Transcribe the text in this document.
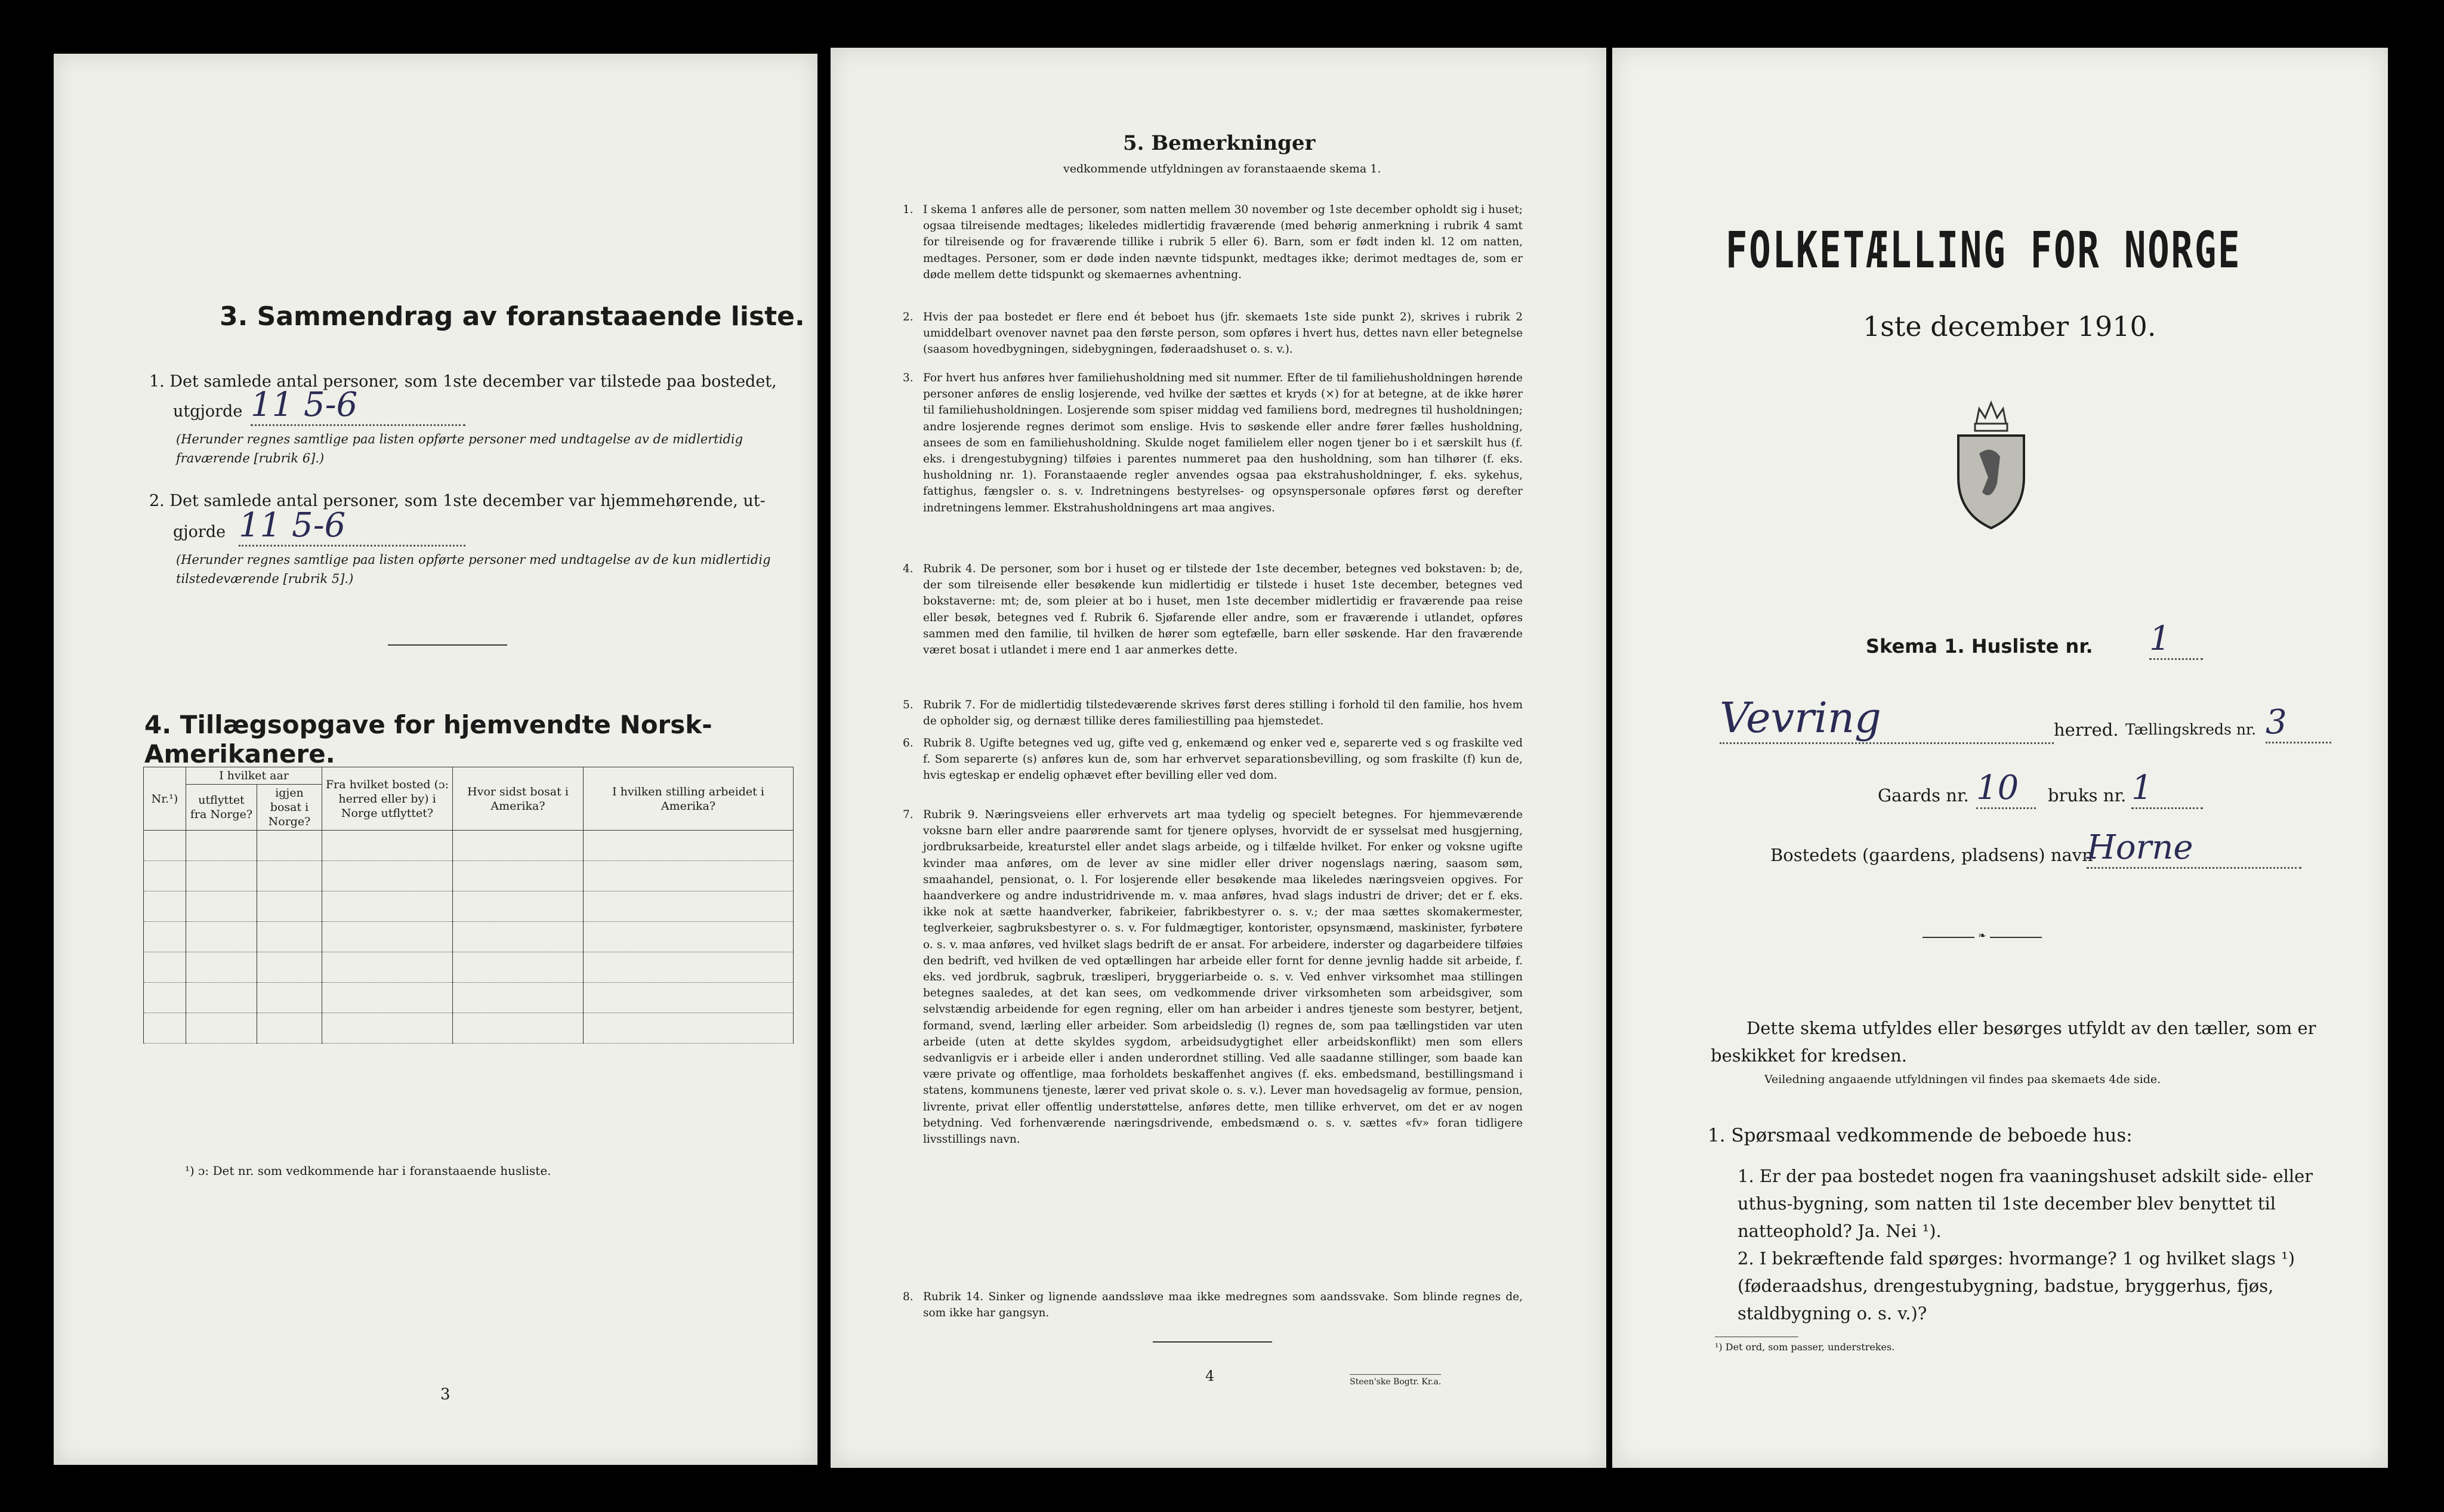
3. Sammendrag av foranstaaende liste.
1. Det samlede antal personer, som 1ste december var tilstede paa bostedet,
utgjorde 11 5-6
(Herunder regnes samtlige paa listen opførte personer med undtagelse av de midlertidig fraværende [rubrik 6].)
2. Det samlede antal personer, som 1ste december var hjemmehørende, ut-
gjorde 11 5-6
(Herunder regnes samtlige paa listen opførte personer med undtagelse av de kun midlertidig tilstedeværende [rubrik 5].)
4. Tillægsopgave for hjemvendte Norsk-Amerikanere.
Nr.¹)	I hvilket aar		Fra hvilket bosted (ɔ: herred eller by) i Norge utflyttet?	Hvor sidst bosat i Amerika?	I hvilken stilling arbeidet i Amerika?
	utflyttet fra Norge?	igjen bosat i Norge?			

¹) ɔ: Det nr. som vedkommende har i foranstaaende husliste.
3
5. Bemerkninger
vedkommende utfyldningen av foranstaaende skema 1.
1. I skema 1 anføres alle de personer, som natten mellem 30 november og 1ste december opholdt sig i huset; ogsaa tilreisende medtages; likeledes midlertidig fraværende (med behørig anmerkning i rubrik 4 samt for tilreisende og for fraværende tillike i rubrik 5 eller 6). Barn, som er født inden kl. 12 om natten, medtages. Personer, som er døde inden nævnte tidspunkt, medtages ikke; derimot medtages de, som er døde mellem dette tidspunkt og skemaernes avhentning.
2. Hvis der paa bostedet er flere end ét beboet hus (jfr. skemaets 1ste side punkt 2), skrives i rubrik 2 umiddelbart ovenover navnet paa den første person, som opføres i hvert hus, dettes navn eller betegnelse (saasom hovedbygningen, sidebygningen, føderaadshuset o. s. v.).
3. For hvert hus anføres hver familiehusholdning med sit nummer. Efter de til familiehusholdningen hørende personer anføres de enslig losjerende, ved hvilke der sættes et kryds (×) for at betegne, at de ikke hører til familiehusholdningen. Losjerende som spiser middag ved familiens bord, medregnes til husholdningen; andre losjerende regnes derimot som enslige. Hvis to søskende eller andre fører fælles husholdning, ansees de som en familiehusholdning. Skulde noget familielem eller nogen tjener bo i et særskilt hus (f. eks. i drengestubygning) tilføies i parentes nummeret paa den husholdning, som han tilhører (f. eks. husholdning nr. 1). Foranstaaende regler anvendes ogsaa paa ekstrahusholdninger, f. eks. sykehus, fattighus, fængsler o. s. v. Indretningens bestyrelses- og opsynspersonale opføres først og derefter indretningens lemmer. Ekstrahusholdningens art maa angives.
4. Rubrik 4. De personer, som bor i huset og er tilstede der 1ste december, betegnes ved bokstaven: b; de, der som tilreisende eller besøkende kun midlertidig er tilstede i huset 1ste december, betegnes ved bokstaverne: mt; de, som pleier at bo i huset, men 1ste december midlertidig er fraværende paa reise eller besøk, betegnes ved f. Rubrik 6. Sjøfarende eller andre, som er fraværende i utlandet, opføres sammen med den familie, til hvilken de hører som egtefælle, barn eller søskende. Har den fraværende været bosat i utlandet i mere end 1 aar anmerkes dette.
5. Rubrik 7. For de midlertidig tilstedeværende skrives først deres stilling i forhold til den familie, hos hvem de opholder sig, og dernæst tillike deres familiestilling paa hjemstedet.
6. Rubrik 8. Ugifte betegnes ved ug, gifte ved g, enkemænd og enker ved e, separerte ved s og fraskilte ved f. Som separerte (s) anføres kun de, som har erhvervet separationsbevilling, og som fraskilte (f) kun de, hvis egteskap er endelig ophævet efter bevilling eller ved dom.
7. Rubrik 9. Næringsveiens eller erhvervets art maa tydelig og specielt betegnes. For hjemmeværende voksne barn eller andre paarørende samt for tjenere oplyses, hvorvidt de er sysselsat med husgjerning, jordbruksarbeide, kreaturstel eller andet slags arbeide, og i tilfælde hvilket. For enker og voksne ugifte kvinder maa anføres, om de lever av sine midler eller driver nogenslags næring, saasom søm, smaahandel, pensionat, o. l. For losjerende eller besøkende maa likeledes næringsveien opgives. For haandverkere og andre industridrivende m. v. maa anføres, hvad slags industri de driver; det er f. eks. ikke nok at sætte haandverker, fabrikeier, fabrikbestyrer o. s. v.; der maa sættes skomakermester, teglverkeier, sagbruksbestyrer o. s. v. For fuldmægtiger, kontorister, opsynsmænd, maskinister, fyrbøtere o. s. v. maa anføres, ved hvilket slags bedrift de er ansat. For arbeidere, inderster og dagarbeidere tilføies den bedrift, ved hvilken de ved optællingen har arbeide eller fornt for denne jevnlig hadde sit arbeide, f. eks. ved jordbruk, sagbruk, træsliperi, bryggeriarbeide o. s. v. Ved enhver virksomhet maa stillingen betegnes saaledes, at det kan sees, om vedkommende driver virksomheten som arbeidsgiver, som selvstændig arbeidende for egen regning, eller om han arbeider i andres tjeneste som bestyrer, betjent, formand, svend, lærling eller arbeider. Som arbeidsledig (l) regnes de, som paa tællingstiden var uten arbeide (uten at dette skyldes sygdom, arbeidsudygtighet eller arbeidskonflikt) men som ellers sedvanligvis er i arbeide eller i anden underordnet stilling. Ved alle saadanne stillinger, som baade kan være private og offentlige, maa forholdets beskaffenhet angives (f. eks. embedsmand, bestillingsmand i statens, kommunens tjeneste, lærer ved privat skole o. s. v.). Lever man hovedsagelig av formue, pension, livrente, privat eller offentlig understøttelse, anføres dette, men tillike erhvervet, om det er av nogen betydning. Ved forhenværende næringsdrivende, embedsmænd o. s. v. sættes «fv» foran tidligere livsstillings navn.
8. Rubrik 14. Sinker og lignende aandssløve maa ikke medregnes som aandssvake. Som blinde regnes de, som ikke har gangsyn.
4	Steen'ske Bogtr. Kr.a.
FOLKETÆLLING FOR NORGE
1ste december 1910.
Skema 1. Husliste nr. 1
Vevring	herred. Tællingskreds nr. 3
Gaards nr. 10	bruks nr. 1
Bostedets (gaardens, pladsens) navn
Horne
❧
Dette skema utfyldes eller besørges utfyldt av den tæller, som er beskikket for kredsen.
Veiledning angaaende utfyldningen vil findes paa skemaets 4de side.
1. Spørsmaal vedkommende de beboede hus:
1. Er der paa bostedet nogen fra vaaningshuset adskilt side- eller uthus-bygning, som natten til 1ste december blev benyttet til natteophold? Ja. Nei ¹).
2. I bekræftende fald spørges: hvormange? 1 og hvilket slags ¹) (føderaadshus, drengestubygning, badstue, bryggerhus, fjøs, staldbygning o. s. v.)?
¹) Det ord, som passer, understrekes.
